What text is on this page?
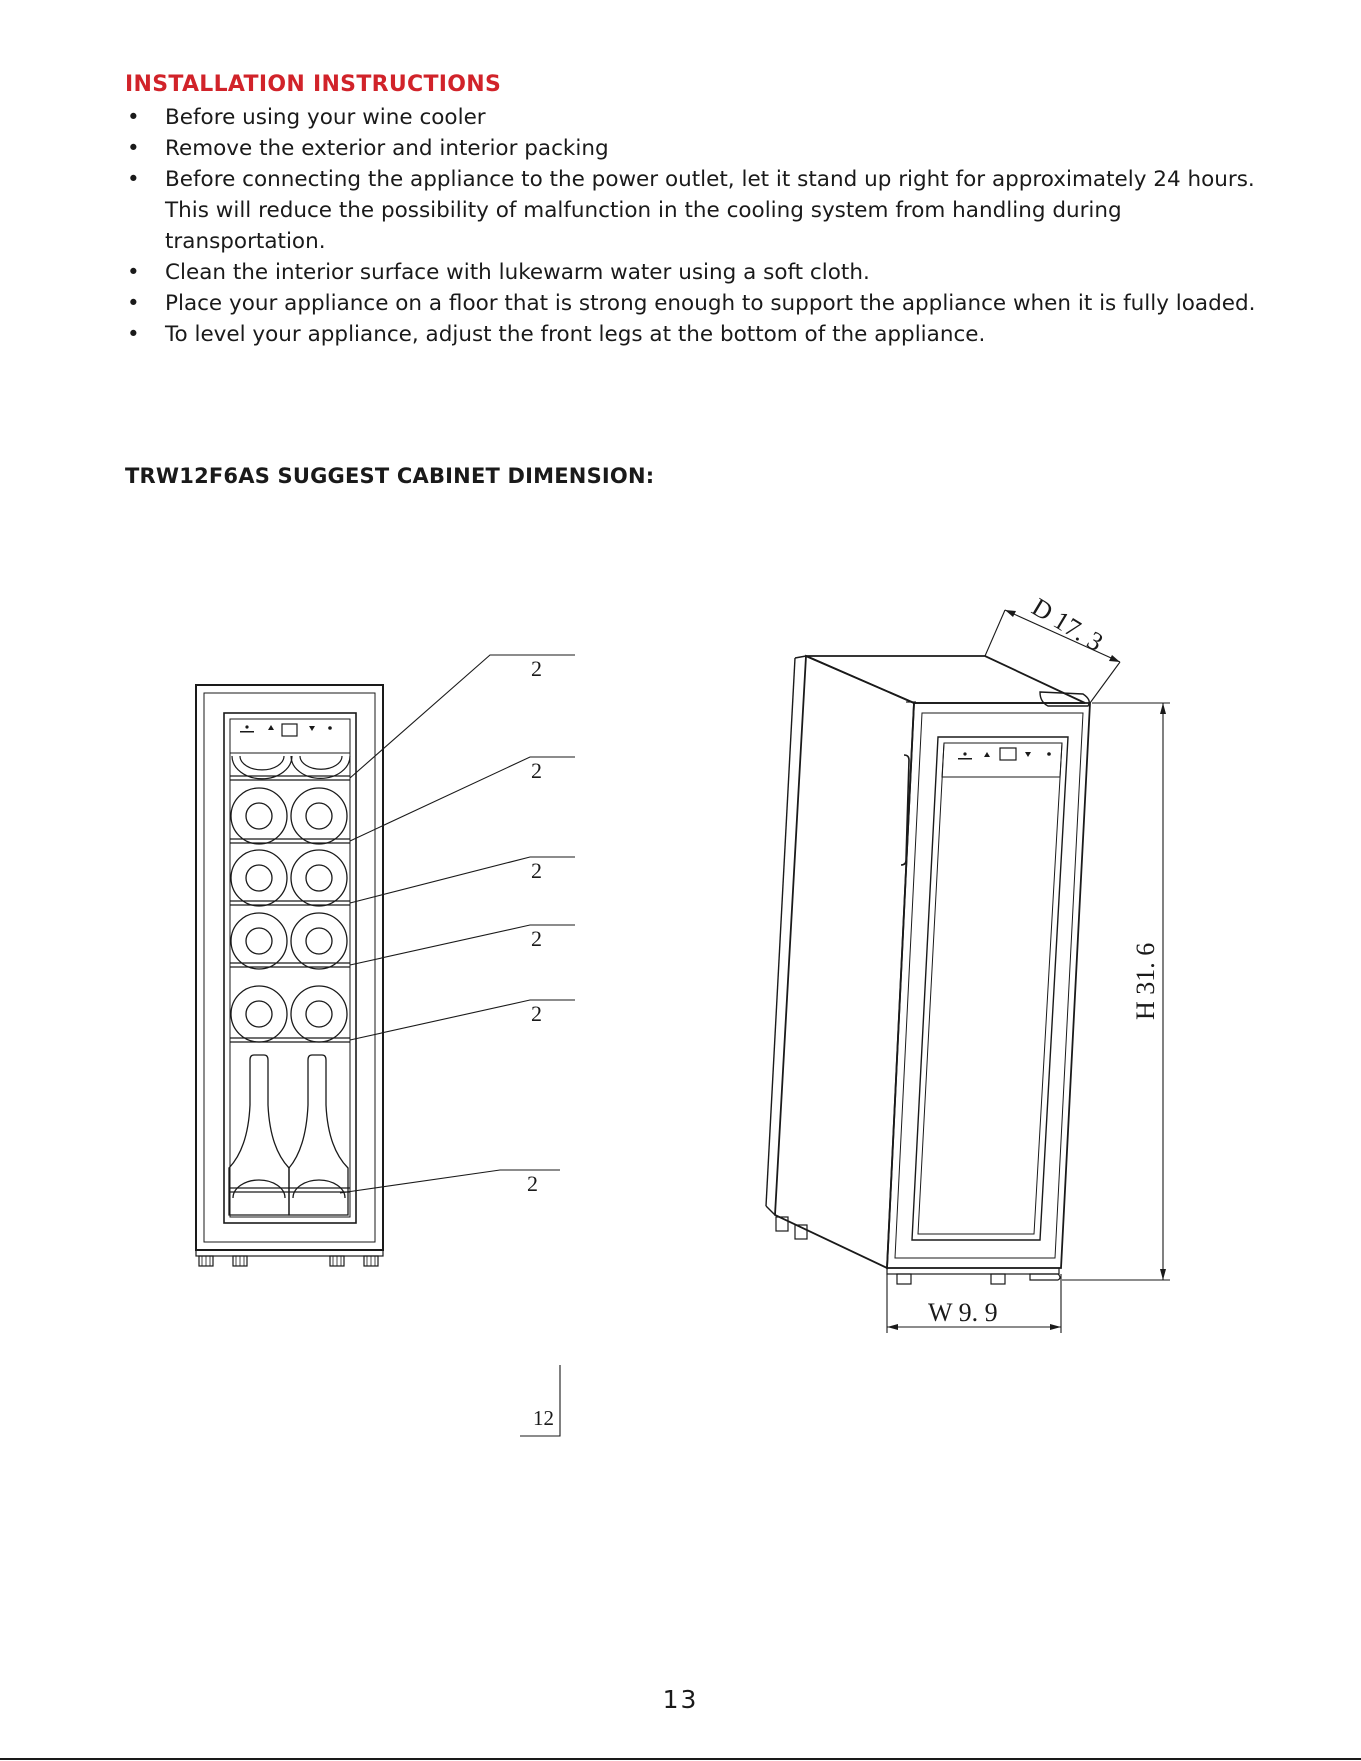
INSTALLATION INSTRUCTIONS
• Before using your wine cooler
• Remove the exterior and interior packing
• Before connecting the appliance to the power outlet, let it stand up right for approximately 24 hours. This will reduce the possibility of malfunction in the cooling system from handling during transportation.
• Clean the interior surface with lukewarm water using a soft cloth.
• Place your appliance on a floor that is strong enough to support the appliance when it is fully loaded.
• To level your appliance, adjust the front legs at the bottom of the appliance.
TRW12F6AS SUGGEST CABINET DIMENSION:
2
2
2
2
2
2
12
D 17. 3
H 31. 6
W 9. 9
13
